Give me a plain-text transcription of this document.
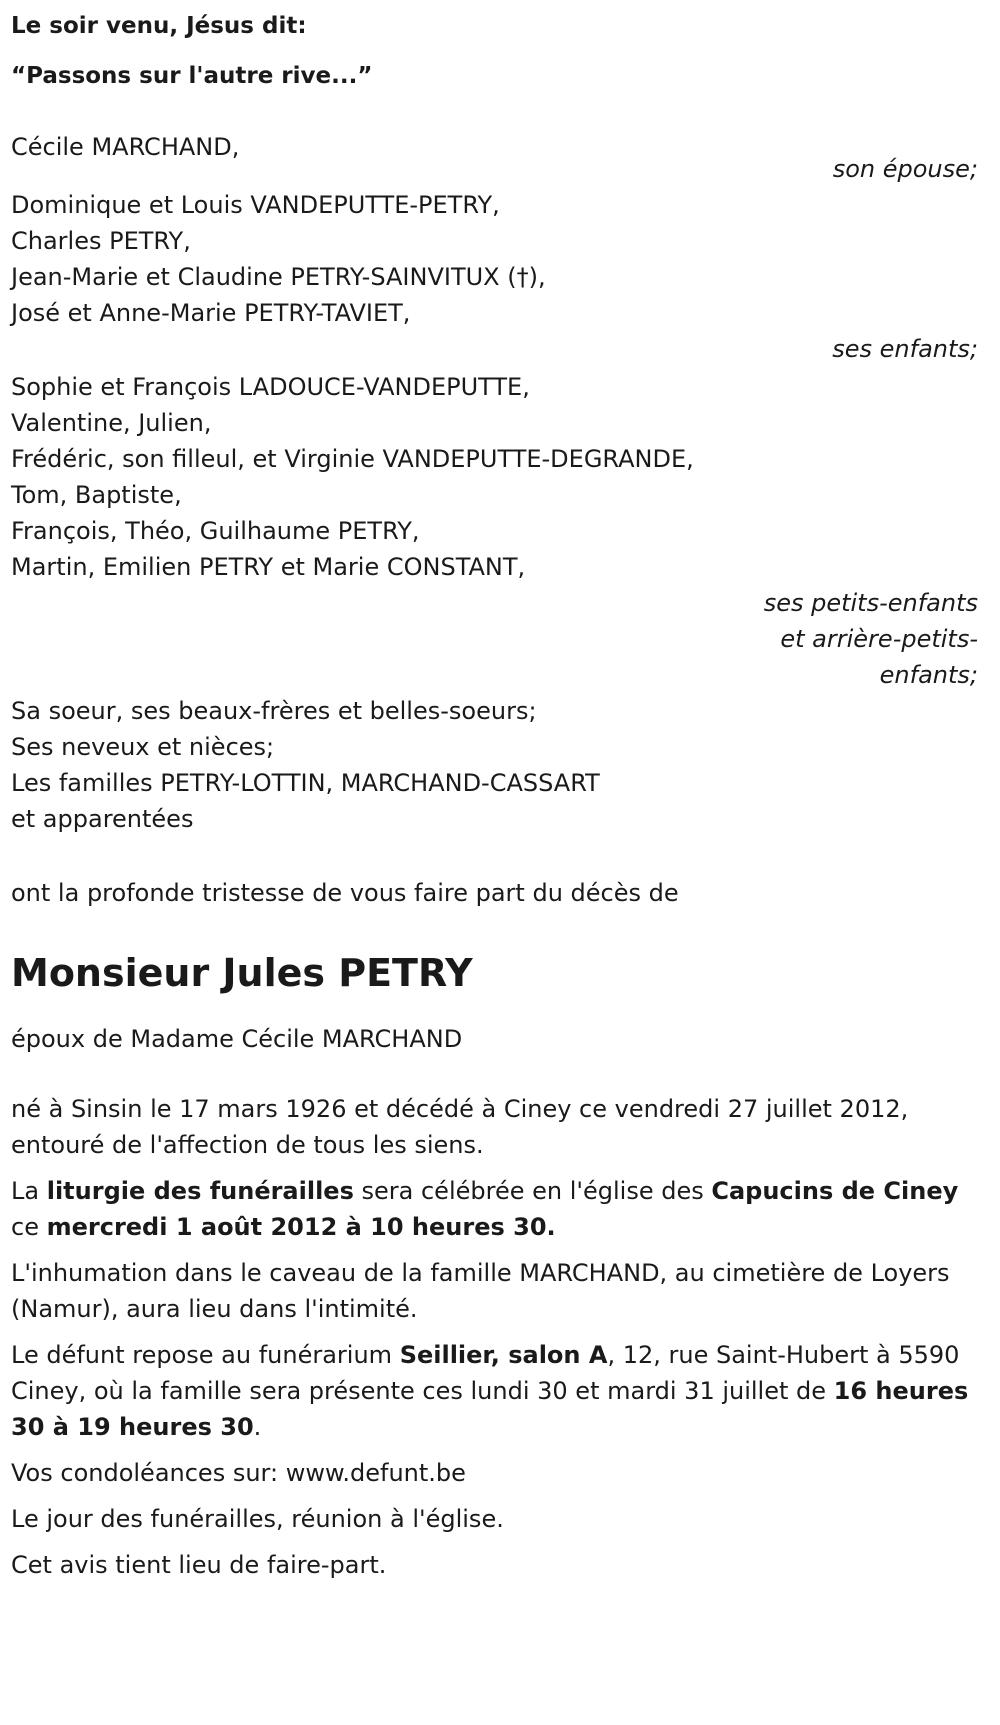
Le soir venu, Jésus dit:

“Passons sur l'autre rive...”

Cécile MARCHAND,
son épouse;
Dominique et Louis VANDEPUTTE-PETRY,
Charles PETRY,
Jean-Marie et Claudine PETRY-SAINVITUX (†),
José et Anne-Marie PETRY-TAVIET,
ses enfants;
Sophie et François LADOUCE-VANDEPUTTE,
Valentine, Julien,
Frédéric, son filleul, et Virginie VANDEPUTTE-DEGRANDE,
Tom, Baptiste,
François, Théo, Guilhaume PETRY,
Martin, Emilien PETRY et Marie CONSTANT,
ses petits-enfants
et arrière-petits-
enfants;
Sa soeur, ses beaux-frères et belles-soeurs;
Ses neveux et nièces;
Les familles PETRY-LOTTIN, MARCHAND-CASSART
et apparentées

ont la profonde tristesse de vous faire part du décès de

Monsieur Jules PETRY

époux de Madame Cécile MARCHAND

né à Sinsin le 17 mars 1926 et décédé à Ciney ce vendredi 27 juillet 2012, entouré de l'affection de tous les siens.

La liturgie des funérailles sera célébrée en l'église des Capucins de Ciney ce mercredi 1 août 2012 à 10 heures 30.

L'inhumation dans le caveau de la famille MARCHAND, au cimetière de Loyers (Namur), aura lieu dans l'intimité.

Le défunt repose au funérarium Seillier, salon A, 12, rue Saint-Hubert à 5590 Ciney, où la famille sera présente ces lundi 30 et mardi 31 juillet de 16 heures 30 à 19 heures 30.

Vos condoléances sur: www.defunt.be

Le jour des funérailles, réunion à l'église.

Cet avis tient lieu de faire-part.
